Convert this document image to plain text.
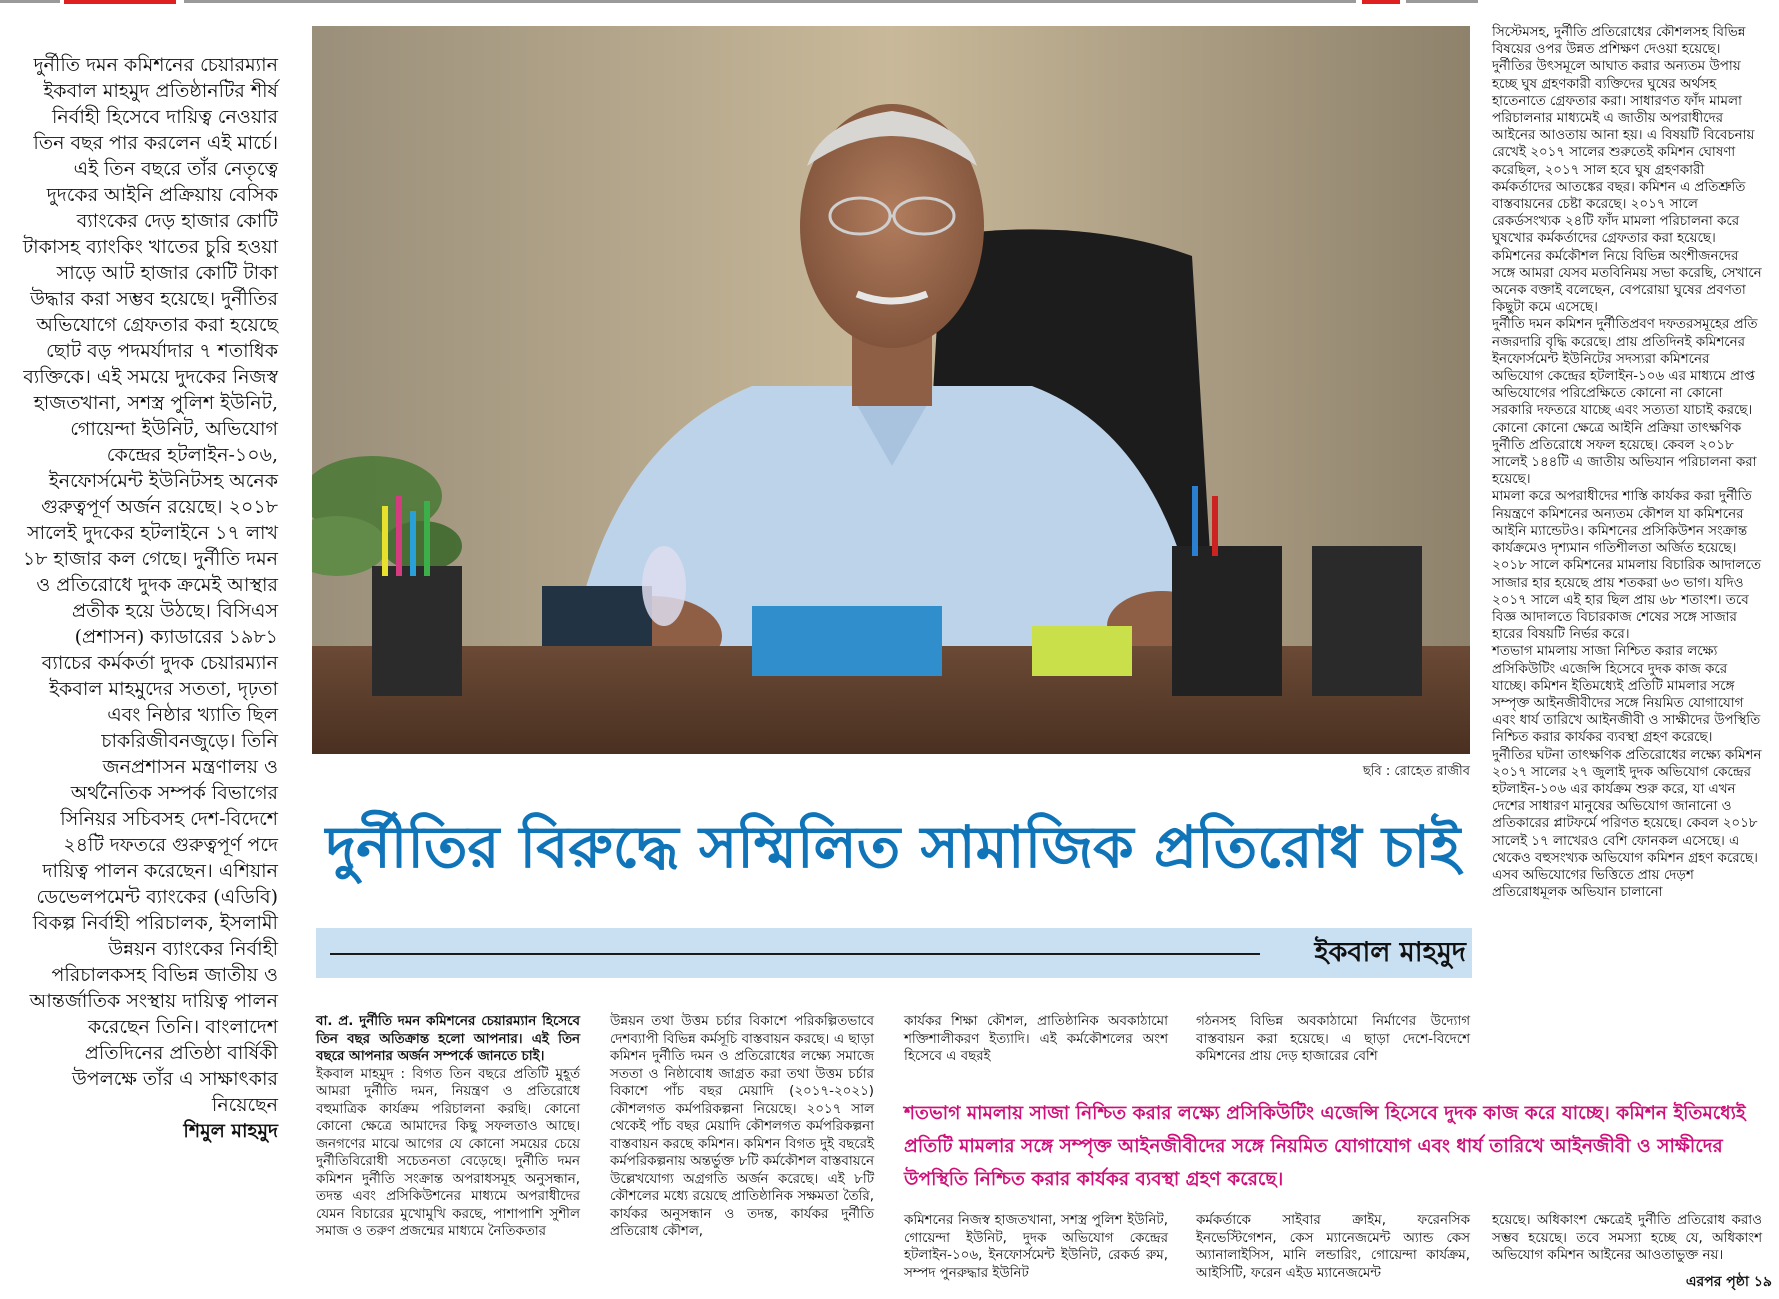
দুর্নীতি দমন কমিশনের চেয়ারম্যান ইকবাল মাহমুদ প্রতিষ্ঠানটির শীর্ষ নির্বাহী হিসেবে দায়িত্ব নেওয়ার তিন বছর পার করলেন এই মার্চে। এই তিন বছরে তাঁর নেতৃত্বে দুদকের আইনি প্রক্রিয়ায় বেসিক ব্যাংকের দেড় হাজার কোটি টাকাসহ ব্যাংকিং খাতের চুরি হওয়া সাড়ে আট হাজার কোটি টাকা উদ্ধার করা সম্ভব হয়েছে। দুর্নীতির অভিযোগে গ্রেফতার করা হয়েছে ছোট বড় পদমর্যাদার ৭ শতাধিক ব্যক্তিকে। এই সময়ে দুদকের নিজস্ব হাজতখানা, সশস্ত্র পুলিশ ইউনিট, গোয়েন্দা ইউনিট, অভিযোগ কেন্দ্রের হটলাইন-১০৬, ইনফোর্সমেন্ট ইউনিটসহ অনেক গুরুত্বপূর্ণ অর্জন রয়েছে। ২০১৮ সালেই দুদকের হটলাইনে ১৭ লাখ ১৮ হাজার কল গেছে। দুর্নীতি দমন ও প্রতিরোধে দুদক ক্রমেই আস্থার প্রতীক হয়ে উঠছে। বিসিএস (প্রশাসন) ক্যাডারের ১৯৮১ ব্যাচের কর্মকর্তা দুদক চেয়ারম্যান ইকবাল মাহমুদের সততা, দৃঢ়তা এবং নিষ্ঠার খ্যাতি ছিল চাকরিজীবনজুড়ে। তিনি জনপ্রশাসন মন্ত্রণালয় ও অর্থনৈতিক সম্পর্ক বিভাগের সিনিয়র সচিবসহ দেশ-বিদেশে ২৪টি দফতরে গুরুত্বপূর্ণ পদে দায়িত্ব পালন করেছেন। এশিয়ান ডেভেলপমেন্ট ব্যাংকের (এডিবি) বিকল্প নির্বাহী পরিচালক, ইসলামী উন্নয়ন ব্যাংকের নির্বাহী পরিচালকসহ বিভিন্ন জাতীয় ও আন্তর্জাতিক সংস্থায় দায়িত্ব পালন করেছেন তিনি। বাংলাদেশ প্রতিদিনের প্রতিষ্ঠা বার্ষিকী উপলক্ষে তাঁর এ সাক্ষাৎকার নিয়েছেন

শিমুল মাহমুদ

ছবি : রোহেত রাজীব
দুর্নীতির বিরুদ্ধে সম্মিলিত সামাজিক প্রতিরোধ চাই
ইকবাল মাহমুদ

বা. প্র. দুর্নীতি দমন কমিশনের চেয়ারম্যান হিসেবে তিন বছর অতিক্রান্ত হলো আপনার। এই তিন বছরে আপনার অর্জন সম্পর্কে জানতে চাই।

ইকবাল মাহমুদ : বিগত তিন বছরে প্রতিটি মুহূর্ত আমরা দুর্নীতি দমন, নিয়ন্ত্রণ ও প্রতিরোধে বহুমাত্রিক কার্যক্রম পরিচালনা করছি। কোনো কোনো ক্ষেত্রে আমাদের কিছু সফলতাও আছে। জনগণের মাঝে আগের যে কোনো সময়ের চেয়ে দুর্নীতিবিরোধী সচেতনতা বেড়েছে। দুর্নীতি দমন কমিশন দুর্নীতি সংক্রান্ত অপরাধসমূহ অনুসন্ধান, তদন্ত এবং প্রসিকিউশনের মাধ্যমে অপরাধীদের যেমন বিচারের মুখোমুখি করছে, পাশাপাশি সুশীল সমাজ ও তরুণ প্রজন্মের মাধ্যমে নৈতিকতার

উন্নয়ন তথা উত্তম চর্চার বিকাশে পরিকল্পিতভাবে দেশব্যাপী বিভিন্ন কর্মসূচি বাস্তবায়ন করছে। এ ছাড়া কমিশন দুর্নীতি দমন ও প্রতিরোধের লক্ষ্যে সমাজে সততা ও নিষ্ঠাবোধ জাগ্রত করা তথা উত্তম চর্চার বিকাশে পাঁচ বছর মেয়াদি (২০১৭-২০২১) কৌশলগত কর্মপরিকল্পনা নিয়েছে। ২০১৭ সাল থেকেই পাঁচ বছর মেয়াদি কৌশলগত কর্মপরিকল্পনা বাস্তবায়ন করছে কমিশন। কমিশন বিগত দুই বছরেই কর্মপরিকল্পনায় অন্তর্ভুক্ত ৮টি কর্মকৌশল বাস্তবায়নে উল্লেখযোগ্য অগ্রগতি অর্জন করেছে। এই ৮টি কৌশলের মধ্যে রয়েছে প্রাতিষ্ঠানিক সক্ষমতা তৈরি, কার্যকর অনুসন্ধান ও তদন্ত, কার্যকর দুর্নীতি প্রতিরোধ কৌশল,

কার্যকর শিক্ষা কৌশল, প্রাতিষ্ঠানিক অবকাঠামো শক্তিশালীকরণ ইত্যাদি। এই কর্মকৌশলের অংশ হিসেবে এ বছরই

গঠনসহ বিভিন্ন অবকাঠামো নির্মাণের উদ্যোগ বাস্তবায়ন করা হয়েছে। এ ছাড়া দেশে-বিদেশে কমিশনের প্রায় দেড় হাজারের বেশি

শতভাগ মামলায় সাজা নিশ্চিত করার লক্ষ্যে প্রসিকিউটিং এজেন্সি হিসেবে দুদক কাজ করে যাচ্ছে। কমিশন ইতিমধ্যেই প্রতিটি মামলার সঙ্গে সম্পৃক্ত আইনজীবীদের সঙ্গে নিয়মিত যোগাযোগ এবং ধার্য তারিখে আইনজীবী ও সাক্ষীদের উপস্থিতি নিশ্চিত করার কার্যকর ব্যবস্থা গ্রহণ করেছে।

কমিশনের নিজস্ব হাজতখানা, সশস্ত্র পুলিশ ইউনিট, গোয়েন্দা ইউনিট, দুদক অভিযোগ কেন্দ্রের হটলাইন-১০৬, ইনফোর্সমেন্ট ইউনিট, রেকর্ড রুম, সম্পদ পুনরুদ্ধার ইউনিট

কর্মকর্তাকে সাইবার ক্রাইম, ফরেনসিক ইনভেস্টিগেশন, কেস ম্যানেজমেন্ট অ্যান্ড কেস অ্যানালাইসিস, মানি লন্ডারিং, গোয়েন্দা কার্যক্রম, আইসিটি, ফরেন এইড ম্যানেজমেন্ট

হয়েছে। অধিকাংশ ক্ষেত্রেই দুর্নীতি প্রতিরোধ করাও সম্ভব হয়েছে। তবে সমস্যা হচ্ছে যে, অধিকাংশ অভিযোগ কমিশন আইনের আওতাভুক্ত নয়।

এরপর পৃষ্ঠা ১৯

সিস্টেমসহ, দুর্নীতি প্রতিরোধের কৌশলসহ বিভিন্ন বিষয়ের ওপর উন্নত প্রশিক্ষণ দেওয়া হয়েছে।

দুর্নীতির উৎসমূলে আঘাত করার অন্যতম উপায় হচ্ছে ঘুষ গ্রহণকারী ব্যক্তিদের ঘুষের অর্থসহ হাতেনাতে গ্রেফতার করা। সাধারণত ফাঁদ মামলা পরিচালনার মাধ্যমেই এ জাতীয় অপরাধীদের আইনের আওতায় আনা হয়। এ বিষয়টি বিবেচনায় রেখেই ২০১৭ সালের শুরুতেই কমিশন ঘোষণা করেছিল, ২০১৭ সাল হবে ঘুষ গ্রহণকারী কর্মকর্তাদের আতঙ্কের বছর। কমিশন এ প্রতিশ্রুতি বাস্তবায়নের চেষ্টা করেছে। ২০১৭ সালে রেকর্ডসংখ্যক ২৪টি ফাঁদ মামলা পরিচালনা করে ঘুষখোর কর্মকর্তাদের গ্রেফতার করা হয়েছে।

কমিশনের কর্মকৌশল নিয়ে বিভিন্ন অংশীজনদের সঙ্গে আমরা যেসব মতবিনিময় সভা করেছি, সেখানে অনেক বক্তাই বলেছেন, বেপরোয়া ঘুষের প্রবণতা কিছুটা কমে এসেছে।

দুর্নীতি দমন কমিশন দুর্নীতিপ্রবণ দফতরসমূহের প্রতি নজরদারি বৃদ্ধি করেছে। প্রায় প্রতিদিনই কমিশনের ইনফোর্সমেন্ট ইউনিটের সদস্যরা কমিশনের অভিযোগ কেন্দ্রের হটলাইন-১০৬ এর মাধ্যমে প্রাপ্ত অভিযোগের পরিপ্রেক্ষিতে কোনো না কোনো সরকারি দফতরে যাচ্ছে এবং সত্যতা যাচাই করছে। কোনো কোনো ক্ষেত্রে আইনি প্রক্রিয়া তাৎক্ষণিক দুর্নীতি প্রতিরোধে সফল হয়েছে। কেবল ২০১৮ সালেই ১৪৪টি এ জাতীয় অভিযান পরিচালনা করা হয়েছে।

মামলা করে অপরাধীদের শাস্তি কার্যকর করা দুর্নীতি নিয়ন্ত্রণে কমিশনের অন্যতম কৌশল যা কমিশনের আইনি ম্যান্ডেটও। কমিশনের প্রসিকিউশন সংক্রান্ত কার্যক্রমেও দৃশ্যমান গতিশীলতা অর্জিত হয়েছে। ২০১৮ সালে কমিশনের মামলায় বিচারিক আদালতে সাজার হার হয়েছে প্রায় শতকরা ৬৩ ভাগ। যদিও ২০১৭ সালে এই হার ছিল প্রায় ৬৮ শতাংশ। তবে বিজ্ঞ আদালতে বিচারকাজ শেষের সঙ্গে সাজার হারের বিষয়টি নির্ভর করে।

শতভাগ মামলায় সাজা নিশ্চিত করার লক্ষ্যে প্রসিকিউটিং এজেন্সি হিসেবে দুদক কাজ করে যাচ্ছে। কমিশন ইতিমধ্যেই প্রতিটি মামলার সঙ্গে সম্পৃক্ত আইনজীবীদের সঙ্গে নিয়মিত যোগাযোগ এবং ধার্য তারিখে আইনজীবী ও সাক্ষীদের উপস্থিতি নিশ্চিত করার কার্যকর ব্যবস্থা গ্রহণ করেছে।

দুর্নীতির ঘটনা তাৎক্ষণিক প্রতিরোধের লক্ষ্যে কমিশন ২০১৭ সালের ২৭ জুলাই দুদক অভিযোগ কেন্দ্রের হটলাইন-১০৬ এর কার্যক্রম শুরু করে, যা এখন দেশের সাধারণ মানুষের অভিযোগ জানানো ও প্রতিকারের প্লাটফর্মে পরিণত হয়েছে। কেবল ২০১৮ সালেই ১৭ লাখেরও বেশি ফোনকল এসেছে। এ থেকেও বহুসংখ্যক অভিযোগ কমিশন গ্রহণ করেছে। এসব অভিযোগের ভিত্তিতে প্রায় দেড়শ প্রতিরোধমূলক অভিযান চালানো
